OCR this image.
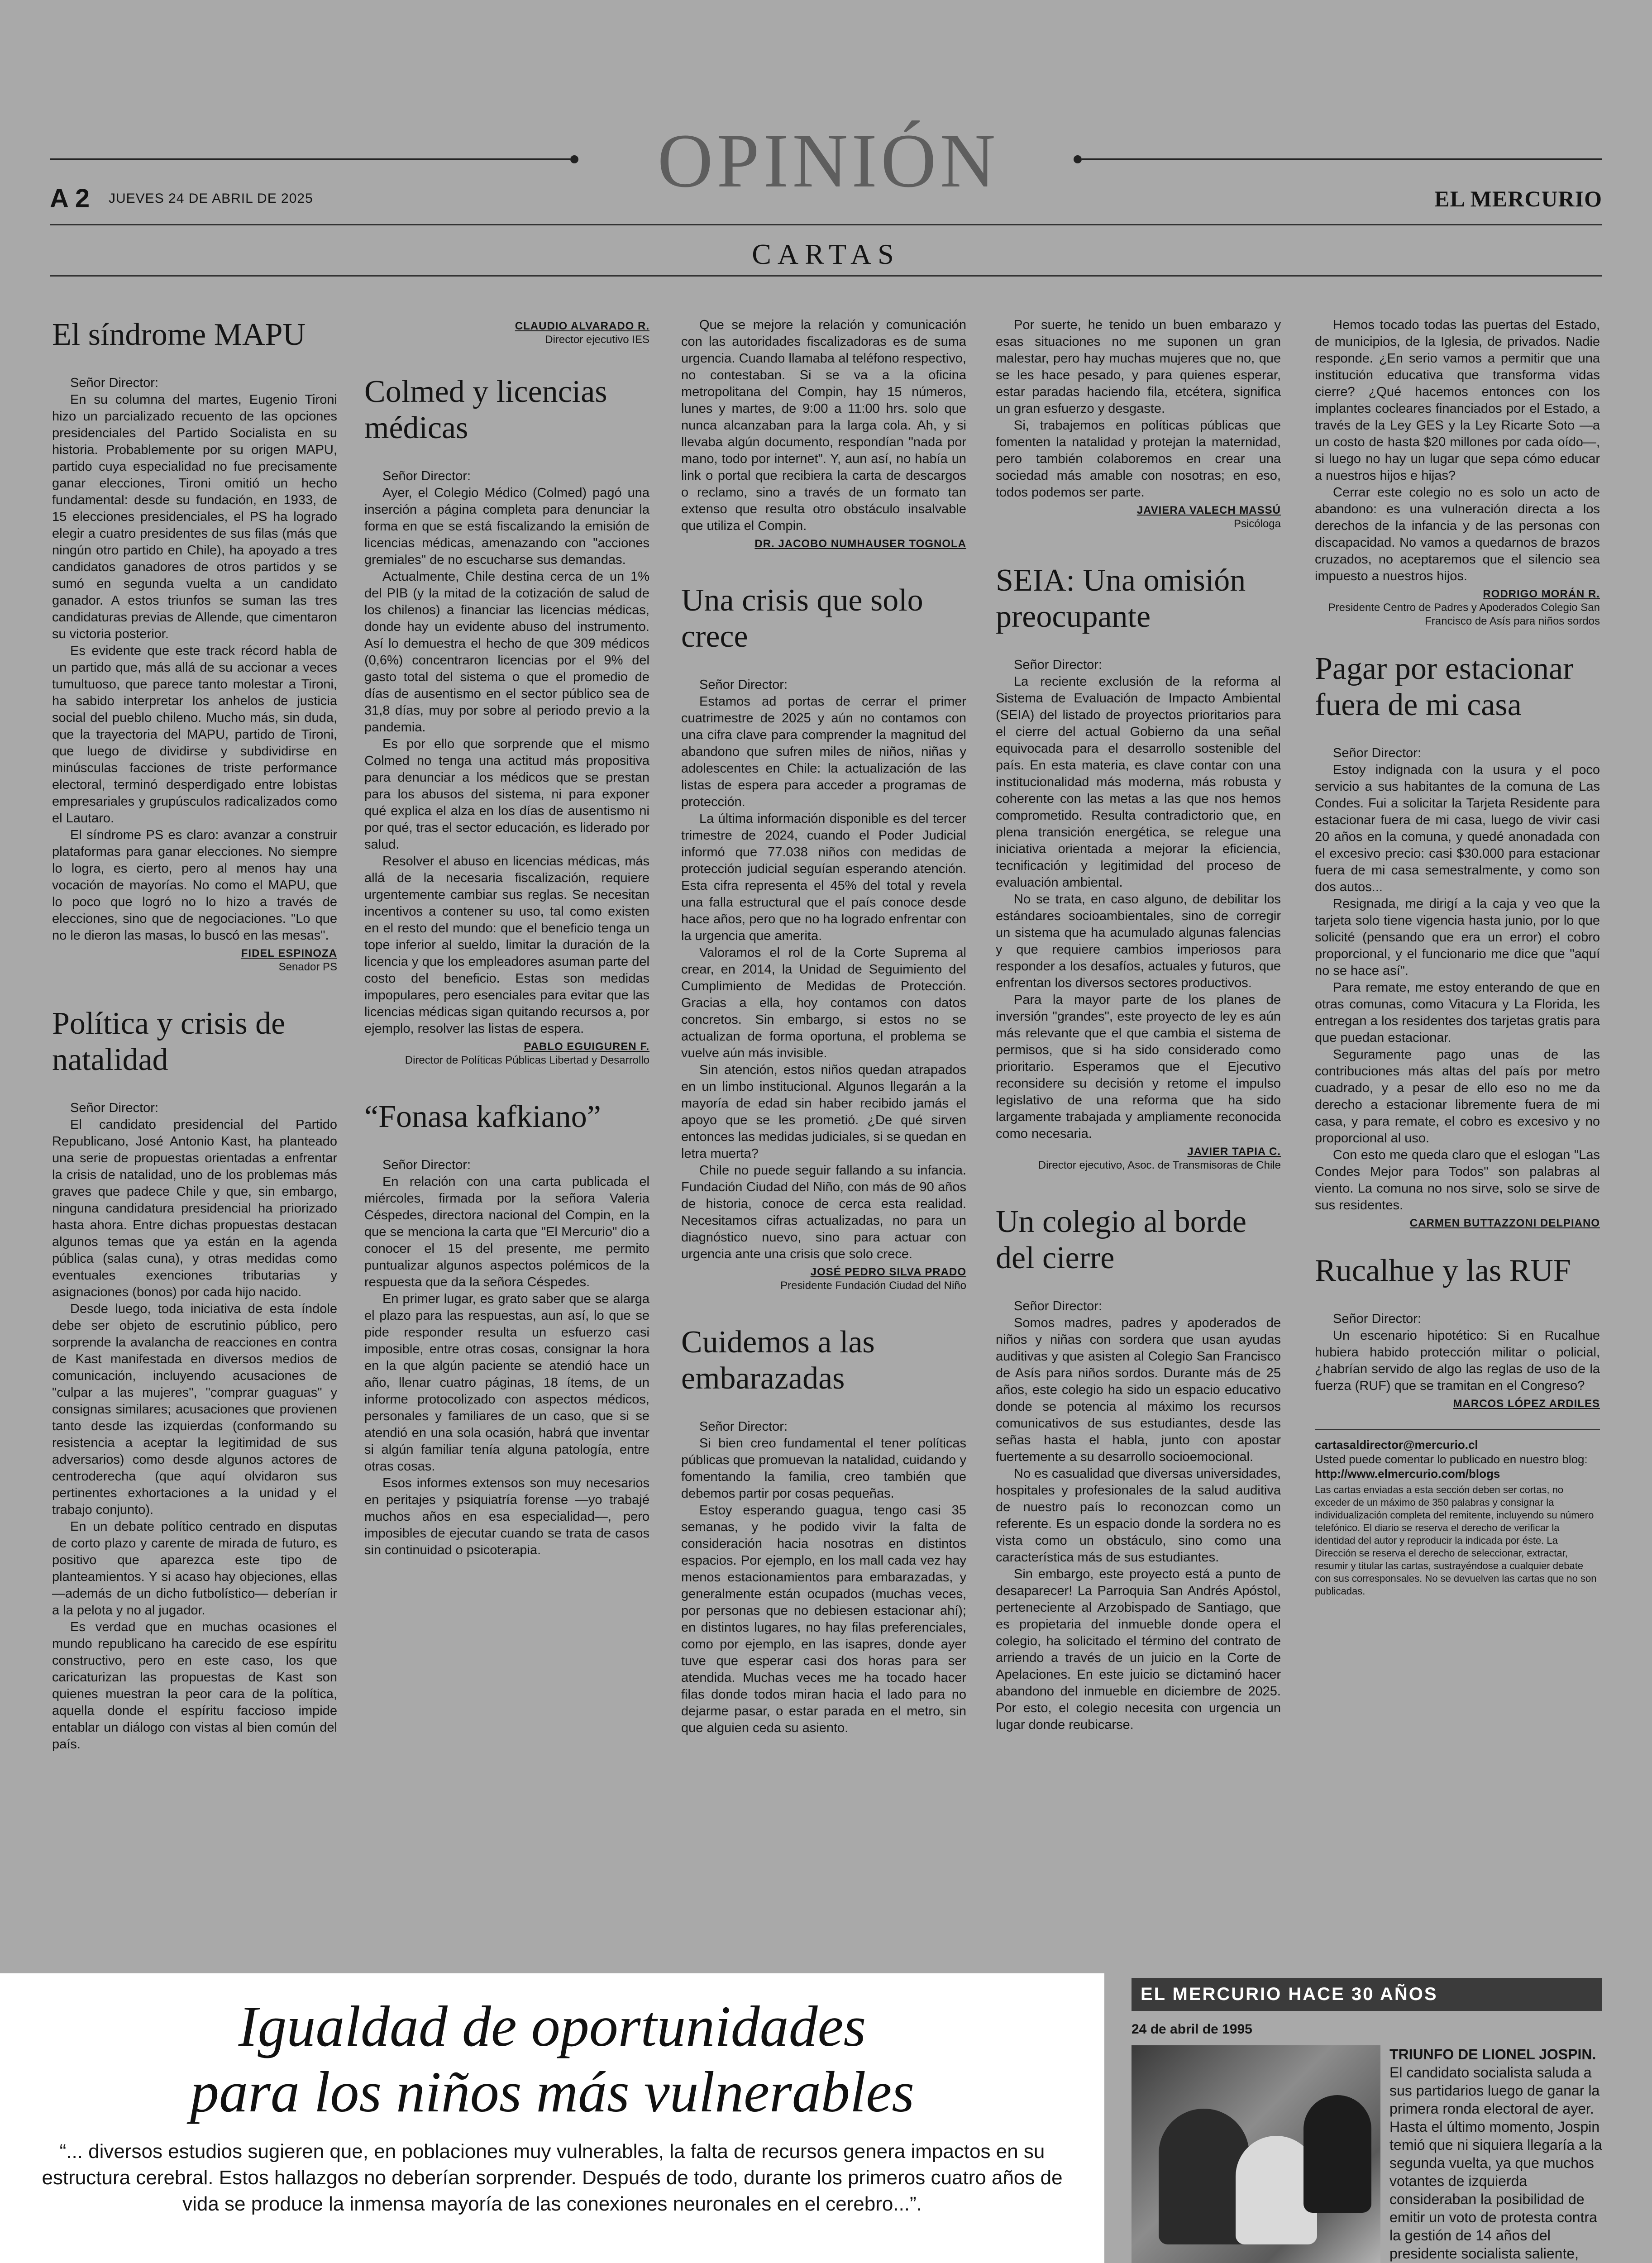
OPINIÓN
A 2 JUEVES 24 DE ABRIL DE 2025	EL MERCURIO
CARTAS
El síndrome MAPU
Señor Director:

En su columna del martes, Eugenio Tironi hizo un parcializado recuento de las opciones presidenciales del Partido Socialista en su historia. Probablemente por su origen MAPU, partido cuya especialidad no fue precisamente ganar elecciones, Tironi omitió un hecho fundamental: desde su fundación, en 1933, de 15 elecciones presidenciales, el PS ha logrado elegir a cuatro presidentes de sus filas (más que ningún otro partido en Chile), ha apoyado a tres candidatos ganadores de otros partidos y se sumó en segunda vuelta a un candidato ganador. A estos triunfos se suman las tres candidaturas previas de Allende, que cimentaron su victoria posterior.

Es evidente que este track récord habla de un partido que, más allá de su accionar a veces tumultuoso, que parece tanto molestar a Tironi, ha sabido interpretar los anhelos de justicia social del pueblo chileno. Mucho más, sin duda, que la trayectoria del MAPU, partido de Tironi, que luego de dividirse y subdividirse en minúsculas facciones de triste performance electoral, terminó desperdigado entre lobistas empresariales y grupúsculos radicalizados como el Lautaro.

El síndrome PS es claro: avanzar a construir plataformas para ganar elecciones. No siempre lo logra, es cierto, pero al menos hay una vocación de mayorías. No como el MAPU, que lo poco que logró no lo hizo a través de elecciones, sino que de negociaciones. "Lo que no le dieron las masas, lo buscó en las mesas".

FIDEL ESPINOZA
Senador PS
Política y crisis de natalidad
Señor Director:

El candidato presidencial del Partido Republicano, José Antonio Kast, ha planteado una serie de propuestas orientadas a enfrentar la crisis de natalidad, uno de los problemas más graves que padece Chile y que, sin embargo, ninguna candidatura presidencial ha priorizado hasta ahora. Entre dichas propuestas destacan algunos temas que ya están en la agenda pública (salas cuna), y otras medidas como eventuales exenciones tributarias y asignaciones (bonos) por cada hijo nacido.

Desde luego, toda iniciativa de esta índole debe ser objeto de escrutinio público, pero sorprende la avalancha de reacciones en contra de Kast manifestada en diversos medios de comunicación, incluyendo acusaciones de "culpar a las mujeres", "comprar guaguas" y consignas similares; acusaciones que provienen tanto desde las izquierdas (conformando su resistencia a aceptar la legitimidad de sus adversarios) como desde algunos actores de centroderecha (que aquí olvidaron sus pertinentes exhortaciones a la unidad y el trabajo conjunto).

En un debate político centrado en disputas de corto plazo y carente de mirada de futuro, es positivo que aparezca este tipo de planteamientos. Y si acaso hay objeciones, ellas —además de un dicho futbolístico— deberían ir a la pelota y no al jugador.

Es verdad que en muchas ocasiones el mundo republicano ha carecido de ese espíritu constructivo, pero en este caso, los que caricaturizan las propuestas de Kast son quienes muestran la peor cara de la política, aquella donde el espíritu faccioso impide entablar un diálogo con vistas al bien común del país.

CLAUDIO ALVARADO R.
Director ejecutivo IES
Colmed y licencias médicas
Señor Director:

Ayer, el Colegio Médico (Colmed) pagó una inserción a página completa para denunciar la forma en que se está fiscalizando la emisión de licencias médicas, amenazando con "acciones gremiales" de no escucharse sus demandas.

Actualmente, Chile destina cerca de un 1% del PIB (y la mitad de la cotización de salud de los chilenos) a financiar las licencias médicas, donde hay un evidente abuso del instrumento. Así lo demuestra el hecho de que 309 médicos (0,6%) concentraron licencias por el 9% del gasto total del sistema o que el promedio de días de ausentismo en el sector público sea de 31,8 días, muy por sobre al periodo previo a la pandemia.

Es por ello que sorprende que el mismo Colmed no tenga una actitud más propositiva para denunciar a los médicos que se prestan para los abusos del sistema, ni para exponer qué explica el alza en los días de ausentismo ni por qué, tras el sector educación, es liderado por salud.

Resolver el abuso en licencias médicas, más allá de la necesaria fiscalización, requiere urgentemente cambiar sus reglas. Se necesitan incentivos a contener su uso, tal como existen en el resto del mundo: que el beneficio tenga un tope inferior al sueldo, limitar la duración de la licencia y que los empleadores asuman parte del costo del beneficio. Estas son medidas impopulares, pero esenciales para evitar que las licencias médicas sigan quitando recursos a, por ejemplo, resolver las listas de espera.

PABLO EGUIGUREN F.
Director de Políticas Públicas Libertad y Desarrollo
“Fonasa kafkiano”
Señor Director:

En relación con una carta publicada el miércoles, firmada por la señora Valeria Céspedes, directora nacional del Compin, en la que se menciona la carta que "El Mercurio" dio a conocer el 15 del presente, me permito puntualizar algunos aspectos polémicos de la respuesta que da la señora Céspedes.

En primer lugar, es grato saber que se alarga el plazo para las respuestas, aun así, lo que se pide responder resulta un esfuerzo casi imposible, entre otras cosas, consignar la hora en la que algún paciente se atendió hace un año, llenar cuatro páginas, 18 ítems, de un informe protocolizado con aspectos médicos, personales y familiares de un caso, que si se atendió en una sola ocasión, habrá que inventar si algún familiar tenía alguna patología, entre otras cosas.

Esos informes extensos son muy necesarios en peritajes y psiquiatría forense —yo trabajé muchos años en esa especialidad—, pero imposibles de ejecutar cuando se trata de casos sin continuidad o psicoterapia.

Que se mejore la relación y comunicación con las autoridades fiscalizadoras es de suma urgencia. Cuando llamaba al teléfono respectivo, no contestaban. Si se va a la oficina metropolitana del Compin, hay 15 números, lunes y martes, de 9:00 a 11:00 hrs. solo que nunca alcanzaban para la larga cola. Ah, y si llevaba algún documento, respondían "nada por mano, todo por internet". Y, aun así, no había un link o portal que recibiera la carta de descargos o reclamo, sino a través de un formato tan extenso que resulta otro obstáculo insalvable que utiliza el Compin.

DR. JACOBO NUMHAUSER TOGNOLA
Una crisis que solo crece
Señor Director:

Estamos ad portas de cerrar el primer cuatrimestre de 2025 y aún no contamos con una cifra clave para comprender la magnitud del abandono que sufren miles de niños, niñas y adolescentes en Chile: la actualización de las listas de espera para acceder a programas de protección.

La última información disponible es del tercer trimestre de 2024, cuando el Poder Judicial informó que 77.038 niños con medidas de protección judicial seguían esperando atención. Esta cifra representa el 45% del total y revela una falla estructural que el país conoce desde hace años, pero que no ha logrado enfrentar con la urgencia que amerita.

Valoramos el rol de la Corte Suprema al crear, en 2014, la Unidad de Seguimiento del Cumplimiento de Medidas de Protección. Gracias a ella, hoy contamos con datos concretos. Sin embargo, si estos no se actualizan de forma oportuna, el problema se vuelve aún más invisible.

Sin atención, estos niños quedan atrapados en un limbo institucional. Algunos llegarán a la mayoría de edad sin haber recibido jamás el apoyo que se les prometió. ¿De qué sirven entonces las medidas judiciales, si se quedan en letra muerta?

Chile no puede seguir fallando a su infancia. Fundación Ciudad del Niño, con más de 90 años de historia, conoce de cerca esta realidad. Necesitamos cifras actualizadas, no para un diagnóstico nuevo, sino para actuar con urgencia ante una crisis que solo crece.

JOSÉ PEDRO SILVA PRADO
Presidente Fundación Ciudad del Niño
Cuidemos a las embarazadas
Señor Director:

Si bien creo fundamental el tener políticas públicas que promuevan la natalidad, cuidando y fomentando la familia, creo también que debemos partir por cosas pequeñas.

Estoy esperando guagua, tengo casi 35 semanas, y he podido vivir la falta de consideración hacia nosotras en distintos espacios. Por ejemplo, en los mall cada vez hay menos estacionamientos para embarazadas, y generalmente están ocupados (muchas veces, por personas que no debiesen estacionar ahí); en distintos lugares, no hay filas preferenciales, como por ejemplo, en las isapres, donde ayer tuve que esperar casi dos horas para ser atendida. Muchas veces me ha tocado hacer filas donde todos miran hacia el lado para no dejarme pasar, o estar parada en el metro, sin que alguien ceda su asiento.

Por suerte, he tenido un buen embarazo y esas situaciones no me suponen un gran malestar, pero hay muchas mujeres que no, que se les hace pesado, y para quienes esperar, estar paradas haciendo fila, etcétera, significa un gran esfuerzo y desgaste.

Si, trabajemos en políticas públicas que fomenten la natalidad y protejan la maternidad, pero también colaboremos en crear una sociedad más amable con nosotras; en eso, todos podemos ser parte.

JAVIERA VALECH MASSÚ
Psicóloga
SEIA: Una omisión preocupante
Señor Director:

La reciente exclusión de la reforma al Sistema de Evaluación de Impacto Ambiental (SEIA) del listado de proyectos prioritarios para el cierre del actual Gobierno da una señal equivocada para el desarrollo sostenible del país. En esta materia, es clave contar con una institucionalidad más moderna, más robusta y coherente con las metas a las que nos hemos comprometido. Resulta contradictorio que, en plena transición energética, se relegue una iniciativa orientada a mejorar la eficiencia, tecnificación y legitimidad del proceso de evaluación ambiental.

No se trata, en caso alguno, de debilitar los estándares socioambientales, sino de corregir un sistema que ha acumulado algunas falencias y que requiere cambios imperiosos para responder a los desafíos, actuales y futuros, que enfrentan los diversos sectores productivos.

Para la mayor parte de los planes de inversión "grandes", este proyecto de ley es aún más relevante que el que cambia el sistema de permisos, que si ha sido considerado como prioritario. Esperamos que el Ejecutivo reconsidere su decisión y retome el impulso legislativo de una reforma que ha sido largamente trabajada y ampliamente reconocida como necesaria.

JAVIER TAPIA C.
Director ejecutivo, Asoc. de Transmisoras de Chile
Un colegio al borde del cierre
Señor Director:

Somos madres, padres y apoderados de niños y niñas con sordera que usan ayudas auditivas y que asisten al Colegio San Francisco de Asís para niños sordos. Durante más de 25 años, este colegio ha sido un espacio educativo donde se potencia al máximo los recursos comunicativos de sus estudiantes, desde las señas hasta el habla, junto con apostar fuertemente a su desarrollo socioemocional.

No es casualidad que diversas universidades, hospitales y profesionales de la salud auditiva de nuestro país lo reconozcan como un referente. Es un espacio donde la sordera no es vista como un obstáculo, sino como una característica más de sus estudiantes.

Sin embargo, este proyecto está a punto de desaparecer! La Parroquia San Andrés Apóstol, perteneciente al Arzobispado de Santiago, que es propietaria del inmueble donde opera el colegio, ha solicitado el término del contrato de arriendo a través de un juicio en la Corte de Apelaciones. En este juicio se dictaminó hacer abandono del inmueble en diciembre de 2025. Por esto, el colegio necesita con urgencia un lugar donde reubicarse.

Hemos tocado todas las puertas del Estado, de municipios, de la Iglesia, de privados. Nadie responde. ¿En serio vamos a permitir que una institución educativa que transforma vidas cierre? ¿Qué hacemos entonces con los implantes cocleares financiados por el Estado, a través de la Ley GES y la Ley Ricarte Soto —a un costo de hasta $20 millones por cada oído—, si luego no hay un lugar que sepa cómo educar a nuestros hijos e hijas?

Cerrar este colegio no es solo un acto de abandono: es una vulneración directa a los derechos de la infancia y de las personas con discapacidad. No vamos a quedarnos de brazos cruzados, no aceptaremos que el silencio sea impuesto a nuestros hijos.

RODRIGO MORÁN R.
Presidente Centro de Padres y Apoderados Colegio San Francisco de Asís para niños sordos
Pagar por estacionar fuera de mi casa
Señor Director:

Estoy indignada con la usura y el poco servicio a sus habitantes de la comuna de Las Condes. Fui a solicitar la Tarjeta Residente para estacionar fuera de mi casa, luego de vivir casi 20 años en la comuna, y quedé anonadada con el excesivo precio: casi $30.000 para estacionar fuera de mi casa semestralmente, y como son dos autos...

Resignada, me dirigí a la caja y veo que la tarjeta solo tiene vigencia hasta junio, por lo que solicité (pensando que era un error) el cobro proporcional, y el funcionario me dice que "aquí no se hace así".

Para remate, me estoy enterando de que en otras comunas, como Vitacura y La Florida, les entregan a los residentes dos tarjetas gratis para que puedan estacionar.

Seguramente pago unas de las contribuciones más altas del país por metro cuadrado, y a pesar de ello eso no me da derecho a estacionar libremente fuera de mi casa, y para remate, el cobro es excesivo y no proporcional al uso.

Con esto me queda claro que el eslogan "Las Condes Mejor para Todos" son palabras al viento. La comuna no nos sirve, solo se sirve de sus residentes.

CARMEN BUTTAZZONI DELPIANO
Rucalhue y las RUF
Señor Director:

Un escenario hipotético: Si en Rucalhue hubiera habido protección militar o policial, ¿habrían servido de algo las reglas de uso de la fuerza (RUF) que se tramitan en el Congreso?

MARCOS LÓPEZ ARDILES
cartasaldirector@mercurio.cl
Usted puede comentar lo publicado en nuestro blog:
http://www.elmercurio.com/blogs
Las cartas enviadas a esta sección deben ser cortas, no exceder de un máximo de 350 palabras y consignar la individualización completa del remitente, incluyendo su número telefónico. El diario se reserva el derecho de verificar la identidad del autor y reproducir la indicada por éste. La Dirección se reserva el derecho de seleccionar, extractar, resumir y titular las cartas, sustrayéndose a cualquier debate con sus corresponsales. No se devuelven las cartas que no son publicadas.
Igualdad de oportunidades
para los niños más vulnerables
“... diversos estudios sugieren que, en poblaciones muy vulnerables, la falta de recursos genera impactos en su estructura cerebral. Estos hallazgos no deberían sorprender. Después de todo, durante los primeros cuatro años de vida se produce la inmensa mayoría de las conexiones neuronales en el cerebro...”.

EL MERCURIO HACE 30 AÑOS
24 de abril de 1995
TRIUNFO DE LIONEL JOSPIN. El candidato socialista saluda a sus partidarios luego de ganar la primera ronda electoral de ayer. Hasta el último momento, Jospin temió que ni siquiera llegaría a la segunda vuelta, ya que muchos votantes de izquierda consideraban la posibilidad de emitir un voto de protesta contra la gestión de 14 años del presidente socialista saliente,
